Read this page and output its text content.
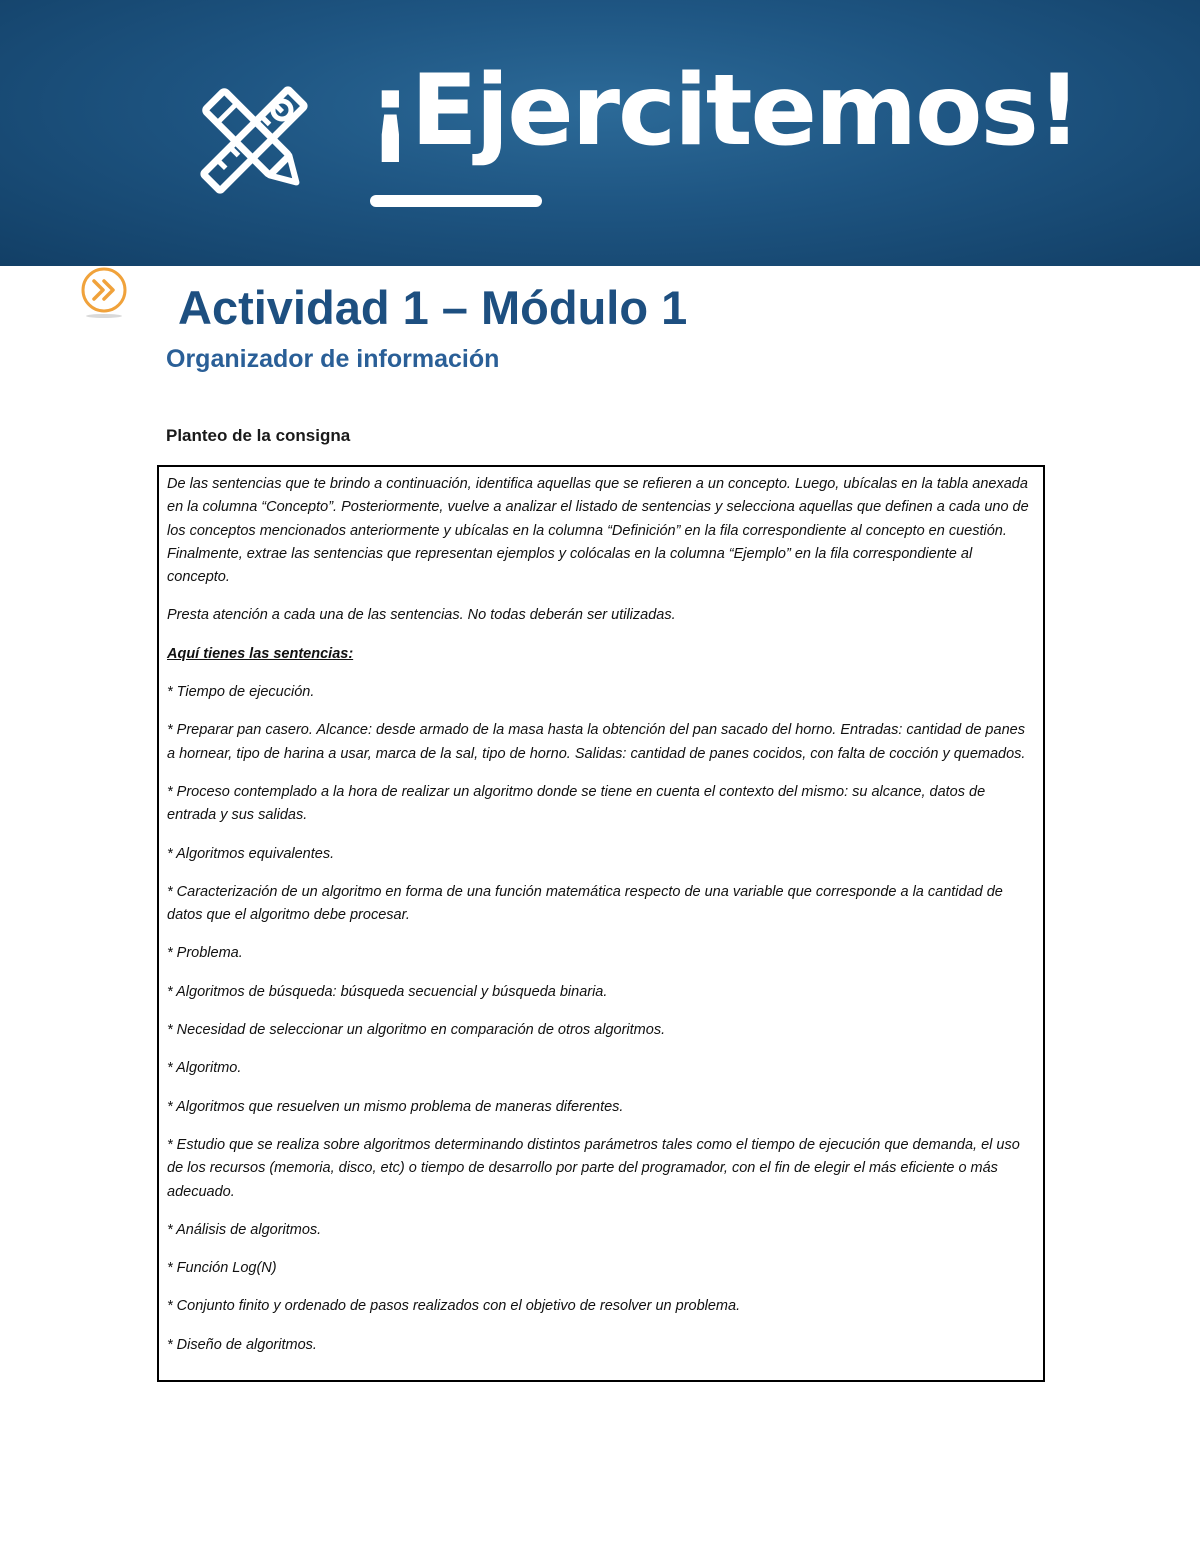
¡Ejercitemos!
Actividad 1 – Módulo 1
Organizador de información
Planteo de la consigna

De las sentencias que te brindo a continuación, identifica aquellas que se refieren a un concepto. Luego, ubícalas en la tabla anexada en la columna “Concepto”. Posteriormente, vuelve a analizar el listado de sentencias y selecciona aquellas que definen a cada uno de los conceptos mencionados anteriormente y ubícalas en la columna “Definición” en la fila correspondiente al concepto en cuestión. Finalmente, extrae las sentencias que representan ejemplos y colócalas en la columna “Ejemplo” en la fila correspondiente al concepto.

Presta atención a cada una de las sentencias. No todas deberán ser utilizadas.

Aquí tienes las sentencias:

* Tiempo de ejecución.

* Preparar pan casero. Alcance: desde armado de la masa hasta la obtención del pan sacado del horno. Entradas: cantidad de panes a hornear, tipo de harina a usar, marca de la sal, tipo de horno. Salidas: cantidad de panes cocidos, con falta de cocción y quemados.

* Proceso contemplado a la hora de realizar un algoritmo donde se tiene en cuenta el contexto del mismo: su alcance, datos de entrada y sus salidas.

* Algoritmos equivalentes.

* Caracterización de un algoritmo en forma de una función matemática respecto de una variable que corresponde a la cantidad de datos que el algoritmo debe procesar.

* Problema.

* Algoritmos de búsqueda: búsqueda secuencial y búsqueda binaria.

* Necesidad de seleccionar un algoritmo en comparación de otros algoritmos.

* Algoritmo.

* Algoritmos que resuelven un mismo problema de maneras diferentes.

* Estudio que se realiza sobre algoritmos determinando distintos parámetros tales como el tiempo de ejecución que demanda, el uso de los recursos (memoria, disco, etc) o tiempo de desarrollo por parte del programador, con el fin de elegir el más eficiente o más adecuado.

* Análisis de algoritmos.

* Función Log(N)

* Conjunto finito y ordenado de pasos realizados con el objetivo de resolver un problema.

* Diseño de algoritmos.
